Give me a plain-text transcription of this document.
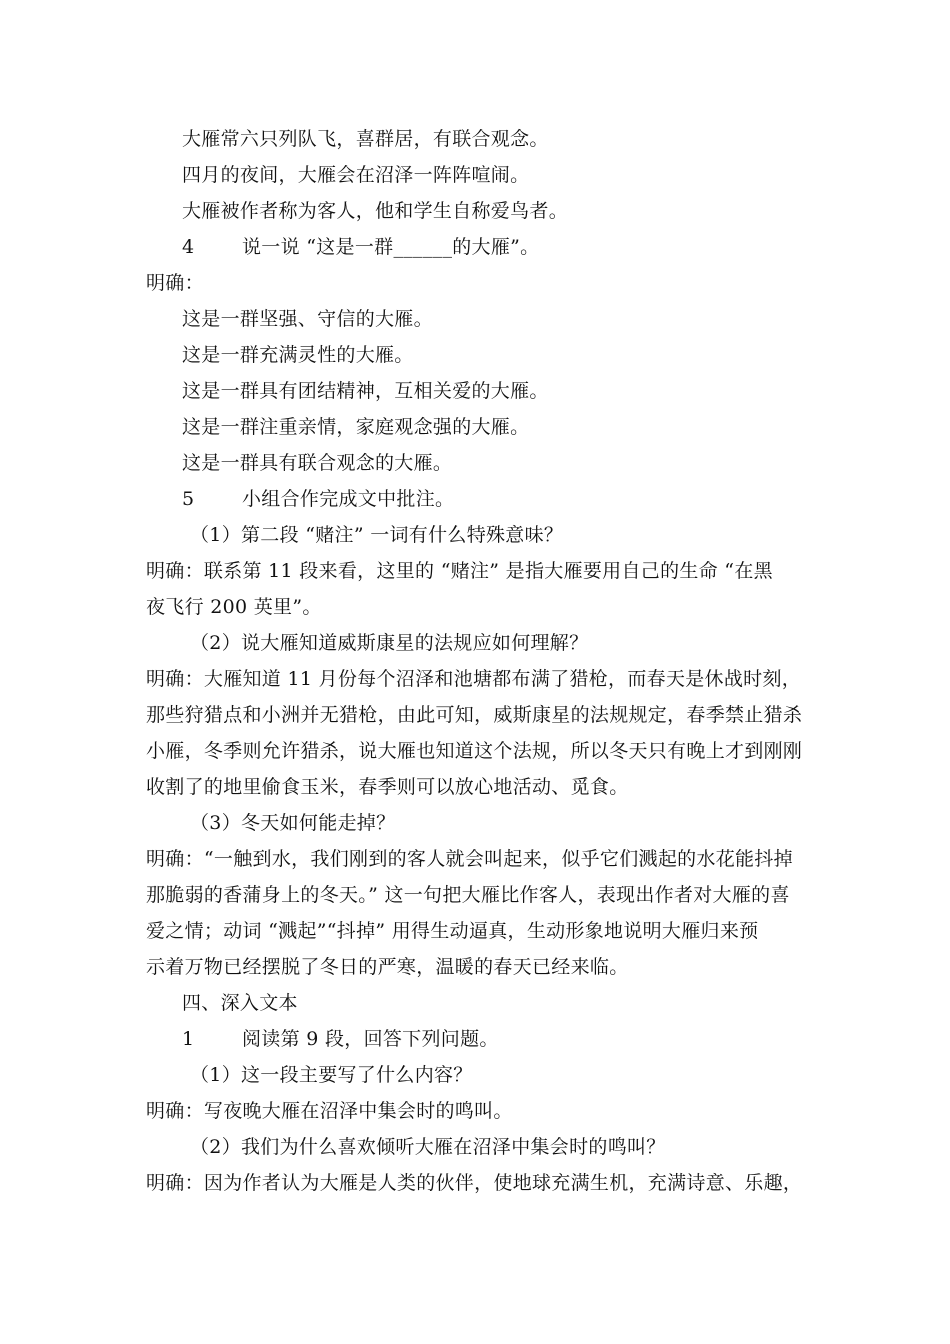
大雁常六只列队飞，喜群居，有联合观念。
四月的夜间，大雁会在沼泽一阵阵喧闹。
大雁被作者称为客人，他和学生自称爱鸟者。
4	说一说 “这是一群______的大雁”。
明确：
这是一群坚强、守信的大雁。
这是一群充满灵性的大雁。
这是一群具有团结精神，互相关爱的大雁。
这是一群注重亲情，家庭观念强的大雁。
这是一群具有联合观念的大雁。
5	小组合作完成文中批注。
（1）第二段 “赌注” 一词有什么特殊意味？
明确：联系第 11 段来看，这里的 “赌注” 是指大雁要用自己的生命 “在黑
夜飞行 200 英里”。
（2）说大雁知道威斯康星的法规应如何理解？
明确：大雁知道 11 月份每个沼泽和池塘都布满了猎枪，而春天是休战时刻，
那些狩猎点和小洲并无猎枪，由此可知，威斯康星的法规规定，春季禁止猎杀
小雁，冬季则允许猎杀，说大雁也知道这个法规，所以冬天只有晚上才到刚刚
收割了的地里偷食玉米，春季则可以放心地活动、觅食。
（3）冬天如何能走掉？
明确：“一触到水，我们刚到的客人就会叫起来，似乎它们溅起的水花能抖掉
那脆弱的香蒲身上的冬天。” 这一句把大雁比作客人，表现出作者对大雁的喜
爱之情；动词 “溅起”“抖掉” 用得生动逼真，生动形象地说明大雁归来预
示着万物已经摆脱了冬日的严寒，温暖的春天已经来临。
四、深入文本
1	阅读第 9 段，回答下列问题。
（1）这一段主要写了什么内容？
明确：写夜晚大雁在沼泽中集会时的鸣叫。
（2）我们为什么喜欢倾听大雁在沼泽中集会时的鸣叫？
明确：因为作者认为大雁是人类的伙伴，使地球充满生机，充满诗意、乐趣，
